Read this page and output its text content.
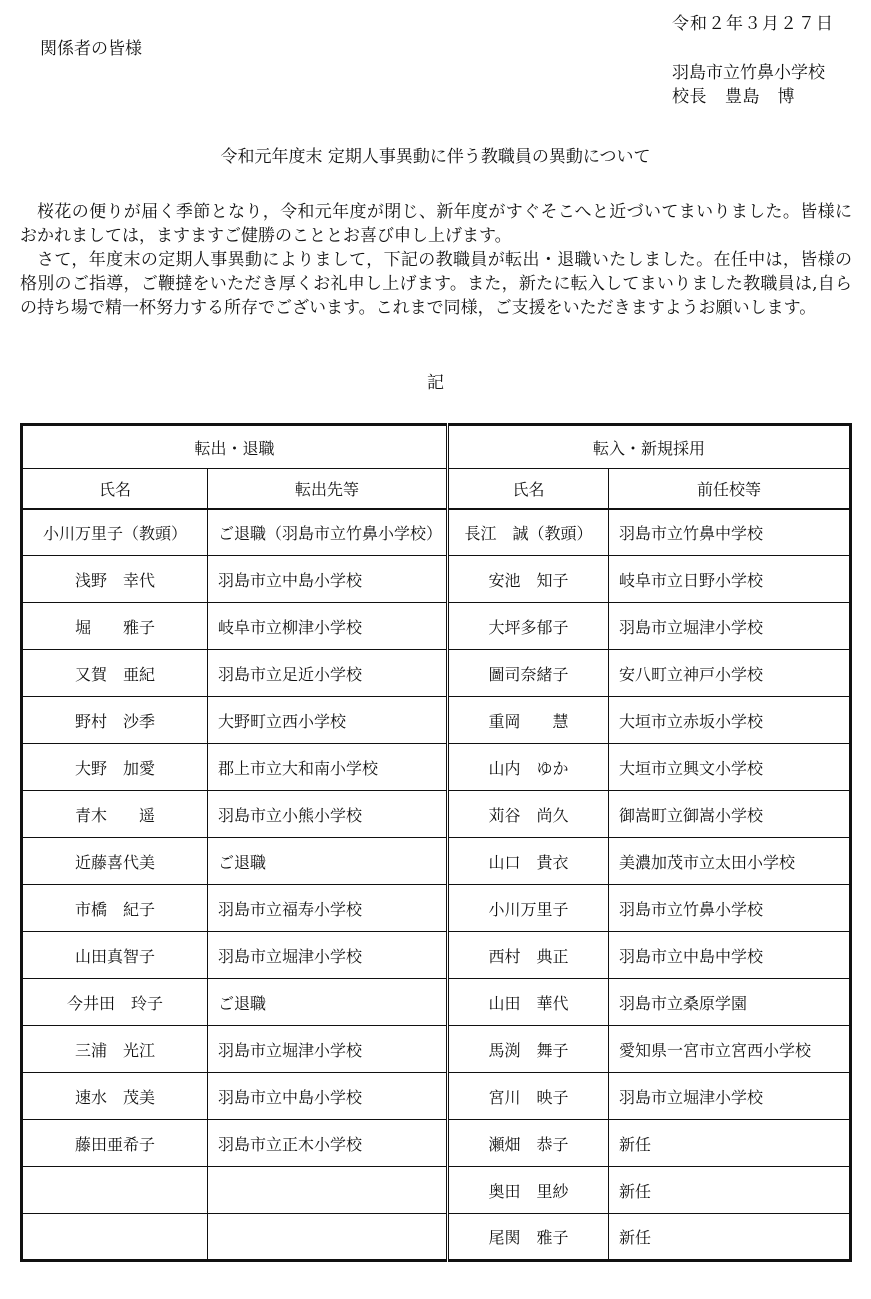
令和２年３月２７日
関係者の皆様
羽島市立竹鼻小学校
校長 豊島　博
令和元年度末 定期人事異動に伴う教職員の異動について

桜花の便りが届く季節となり，令和元年度が閉じ、新年度がすぐそこへと近づいてまいりました。皆様におかれましては，ますますご健勝のこととお喜び申し上げます。

さて，年度末の定期人事異動によりまして，下記の教職員が転出・退職いたしました。在任中は，皆様の格別のご指導，ご鞭撻をいただき厚くお礼申し上げます。また，新たに転入してまいりました教職員は,自らの持ち場で精一杯努力する所存でございます。これまで同様，ご支援をいただきますようお願いします。

記
転出・退職		転入・新規採用	
氏名	転出先等	氏名	前任校等
小川万里子（教頭）	ご退職（羽島市立竹鼻小学校）	長江　誠（教頭）	羽島市立竹鼻中学校
浅野　幸代	羽島市立中島小学校	安池　知子	岐阜市立日野小学校
堀　　雅子	岐阜市立柳津小学校	大坪多郁子	羽島市立堀津小学校
又賀　亜紀	羽島市立足近小学校	圖司奈緒子	安八町立神戸小学校
野村　沙季	大野町立西小学校	重岡　　慧	大垣市立赤坂小学校
大野　加愛	郡上市立大和南小学校	山内　ゆか	大垣市立興文小学校
青木　　遥	羽島市立小熊小学校	苅谷　尚久	御嵩町立御嵩小学校
近藤喜代美	ご退職	山口　貴衣	美濃加茂市立太田小学校
市橋　紀子	羽島市立福寿小学校	小川万里子	羽島市立竹鼻小学校
山田真智子	羽島市立堀津小学校	西村　典正	羽島市立中島中学校
今井田　玲子	ご退職	山田　華代	羽島市立桑原学園
三浦　光江	羽島市立堀津小学校	馬渕　舞子	愛知県一宮市立宮西小学校
速水　茂美	羽島市立中島小学校	宮川　映子	羽島市立堀津小学校
藤田亜希子	羽島市立正木小学校	瀬畑　恭子	新任
		奥田　里紗	新任
		尾関　雅子	新任
